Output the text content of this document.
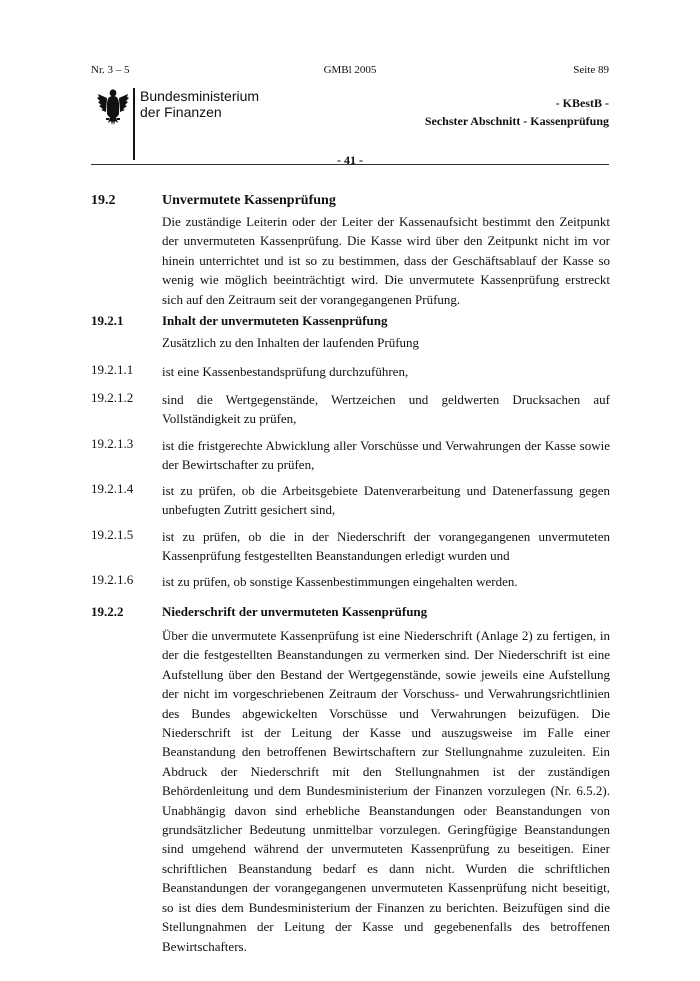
Nr. 3 – 5	GMBl 2005	Seite 89
Bundesministerium
der Finanzen
- KBestB -
Sechster Abschnitt - Kassenprüfung
- 41 -
19.2	Unvermutete Kassenprüfung
Die zuständige Leiterin oder der Leiter der Kassenaufsicht bestimmt den Zeitpunkt der unvermuteten Kassenprüfung. Die Kasse wird über den Zeitpunkt nicht im vor hinein unterrichtet und ist so zu bestimmen, dass der Geschäftsablauf der Kasse so wenig wie möglich beeinträchtigt wird. Die unvermutete Kassenprüfung erstreckt sich auf den Zeitraum seit der vorangegangenen Prüfung.
19.2.1	Inhalt der unvermuteten Kassenprüfung
Zusätzlich zu den Inhalten der laufenden Prüfung
19.2.1.1 ist eine Kassenbestandsprüfung durchzuführen,
19.2.1.2 sind die Wertgegenstände, Wertzeichen und geldwerten Drucksachen auf Vollständigkeit zu prüfen,
19.2.1.3 ist die fristgerechte Abwicklung aller Vorschüsse und Verwahrungen der Kasse sowie der Bewirtschafter zu prüfen,
19.2.1.4 ist zu prüfen, ob die Arbeitsgebiete Datenverarbeitung und Datenerfassung gegen unbefugten Zutritt gesichert sind,
19.2.1.5 ist zu prüfen, ob die in der Niederschrift der vorangegangenen unvermuteten Kassenprüfung festgestellten Beanstandungen erledigt wurden und
19.2.1.6 ist zu prüfen, ob sonstige Kassenbestimmungen eingehalten werden.
19.2.2	Niederschrift der unvermuteten Kassenprüfung
Über die unvermutete Kassenprüfung ist eine Niederschrift (Anlage 2) zu fertigen, in der die festgestellten Beanstandungen zu vermerken sind. Der Niederschrift ist eine Aufstellung über den Bestand der Wertgegenstände, sowie jeweils eine Aufstellung der nicht im vorgeschriebenen Zeitraum der Vorschuss- und Verwahrungsrichtlinien des Bundes abgewickelten Vorschüsse und Verwahrungen beizufügen. Die Niederschrift ist der Leitung der Kasse und auszugsweise im Falle einer Beanstandung den betroffenen Bewirtschaftern zur Stellungnahme zuzuleiten. Ein Abdruck der Niederschrift mit den Stellungnahmen ist der zuständigen Behördenleitung und dem Bundesministerium der Finanzen vorzulegen (Nr. 6.5.2). Unabhängig davon sind erhebliche Beanstandungen oder Beanstandungen von grundsätzlicher Bedeutung unmittelbar vorzulegen. Geringfügige Beanstandungen sind umgehend während der unvermuteten Kassenprüfung zu beseitigen. Einer schriftlichen Beanstandung bedarf es dann nicht. Wurden die schriftlichen Beanstandungen der vorangegangenen unvermuteten Kassenprüfung nicht beseitigt, so ist dies dem Bundesministerium der Finanzen zu berichten. Beizufügen sind die Stellungnahmen der Leitung der Kasse und gegebenenfalls des betroffenen Bewirtschafters.
